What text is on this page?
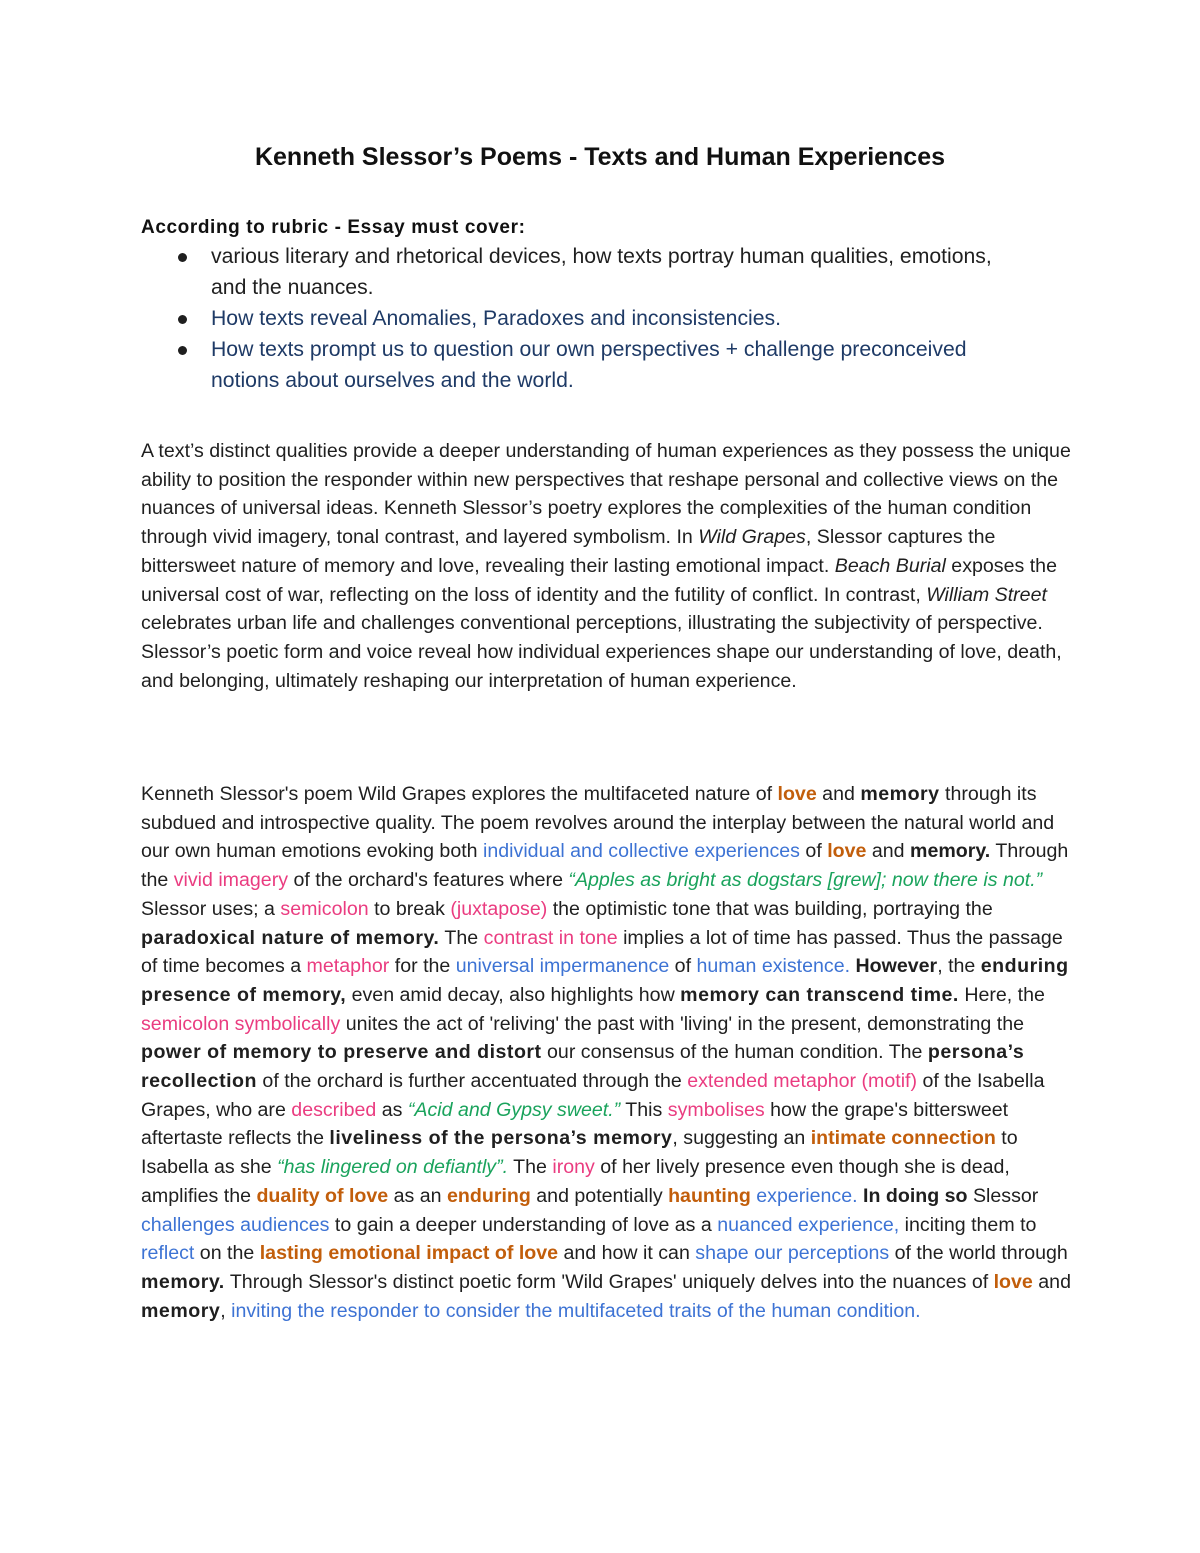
Kenneth Slessor’s Poems - Texts and Human Experiences

According to rubric - Essay must cover:

various literary and rhetorical devices, how texts portray human qualities, emotions, and the nuances.
How texts reveal Anomalies, Paradoxes and inconsistencies.
How texts prompt us to question our own perspectives + challenge preconceived notions about ourselves and the world.

A text’s distinct qualities provide a deeper understanding of human experiences as they possess the unique ability to position the responder within new perspectives that reshape personal and collective views on the nuances of universal ideas. Kenneth Slessor’s poetry explores the complexities of the human condition through vivid imagery, tonal contrast, and layered symbolism. In Wild Grapes, Slessor captures the bittersweet nature of memory and love, revealing their lasting emotional impact. Beach Burial exposes the universal cost of war, reflecting on the loss of identity and the futility of conflict. In contrast, William Street celebrates urban life and challenges conventional perceptions, illustrating the subjectivity of perspective. Slessor’s poetic form and voice reveal how individual experiences shape our understanding of love, death, and belonging, ultimately reshaping our interpretation of human experience.

Kenneth Slessor's poem Wild Grapes explores the multifaceted nature of love and memory through its subdued and introspective quality. The poem revolves around the interplay between the natural world and our own human emotions evoking both individual and collective experiences of love and memory. Through the vivid imagery of the orchard's features where “Apples as bright as dogstars [grew]; now there is not.” Slessor uses; a semicolon to break (juxtapose) the optimistic tone that was building, portraying the paradoxical nature of memory. The contrast in tone implies a lot of time has passed. Thus the passage of time becomes a metaphor for the universal impermanence of human existence. However, the enduring presence of memory, even amid decay, also highlights how memory can transcend time. Here, the semicolon symbolically unites the act of 'reliving' the past with 'living' in the present, demonstrating the power of memory to preserve and distort our consensus of the human condition. The persona’s recollection of the orchard is further accentuated through the extended metaphor (motif) of the Isabella Grapes, who are described as “Acid and Gypsy sweet.” This symbolises how the grape's bittersweet aftertaste reflects the liveliness of the persona’s memory, suggesting an intimate connection to Isabella as she “has lingered on defiantly”. The irony of her lively presence even though she is dead, amplifies the duality of love as an enduring and potentially haunting experience. In doing so Slessor challenges audiences to gain a deeper understanding of love as a nuanced experience, inciting them to reflect on the lasting emotional impact of love and how it can shape our perceptions of the world through memory. Through Slessor's distinct poetic form 'Wild Grapes' uniquely delves into the nuances of love and memory, inviting the responder to consider the multifaceted traits of the human condition.
